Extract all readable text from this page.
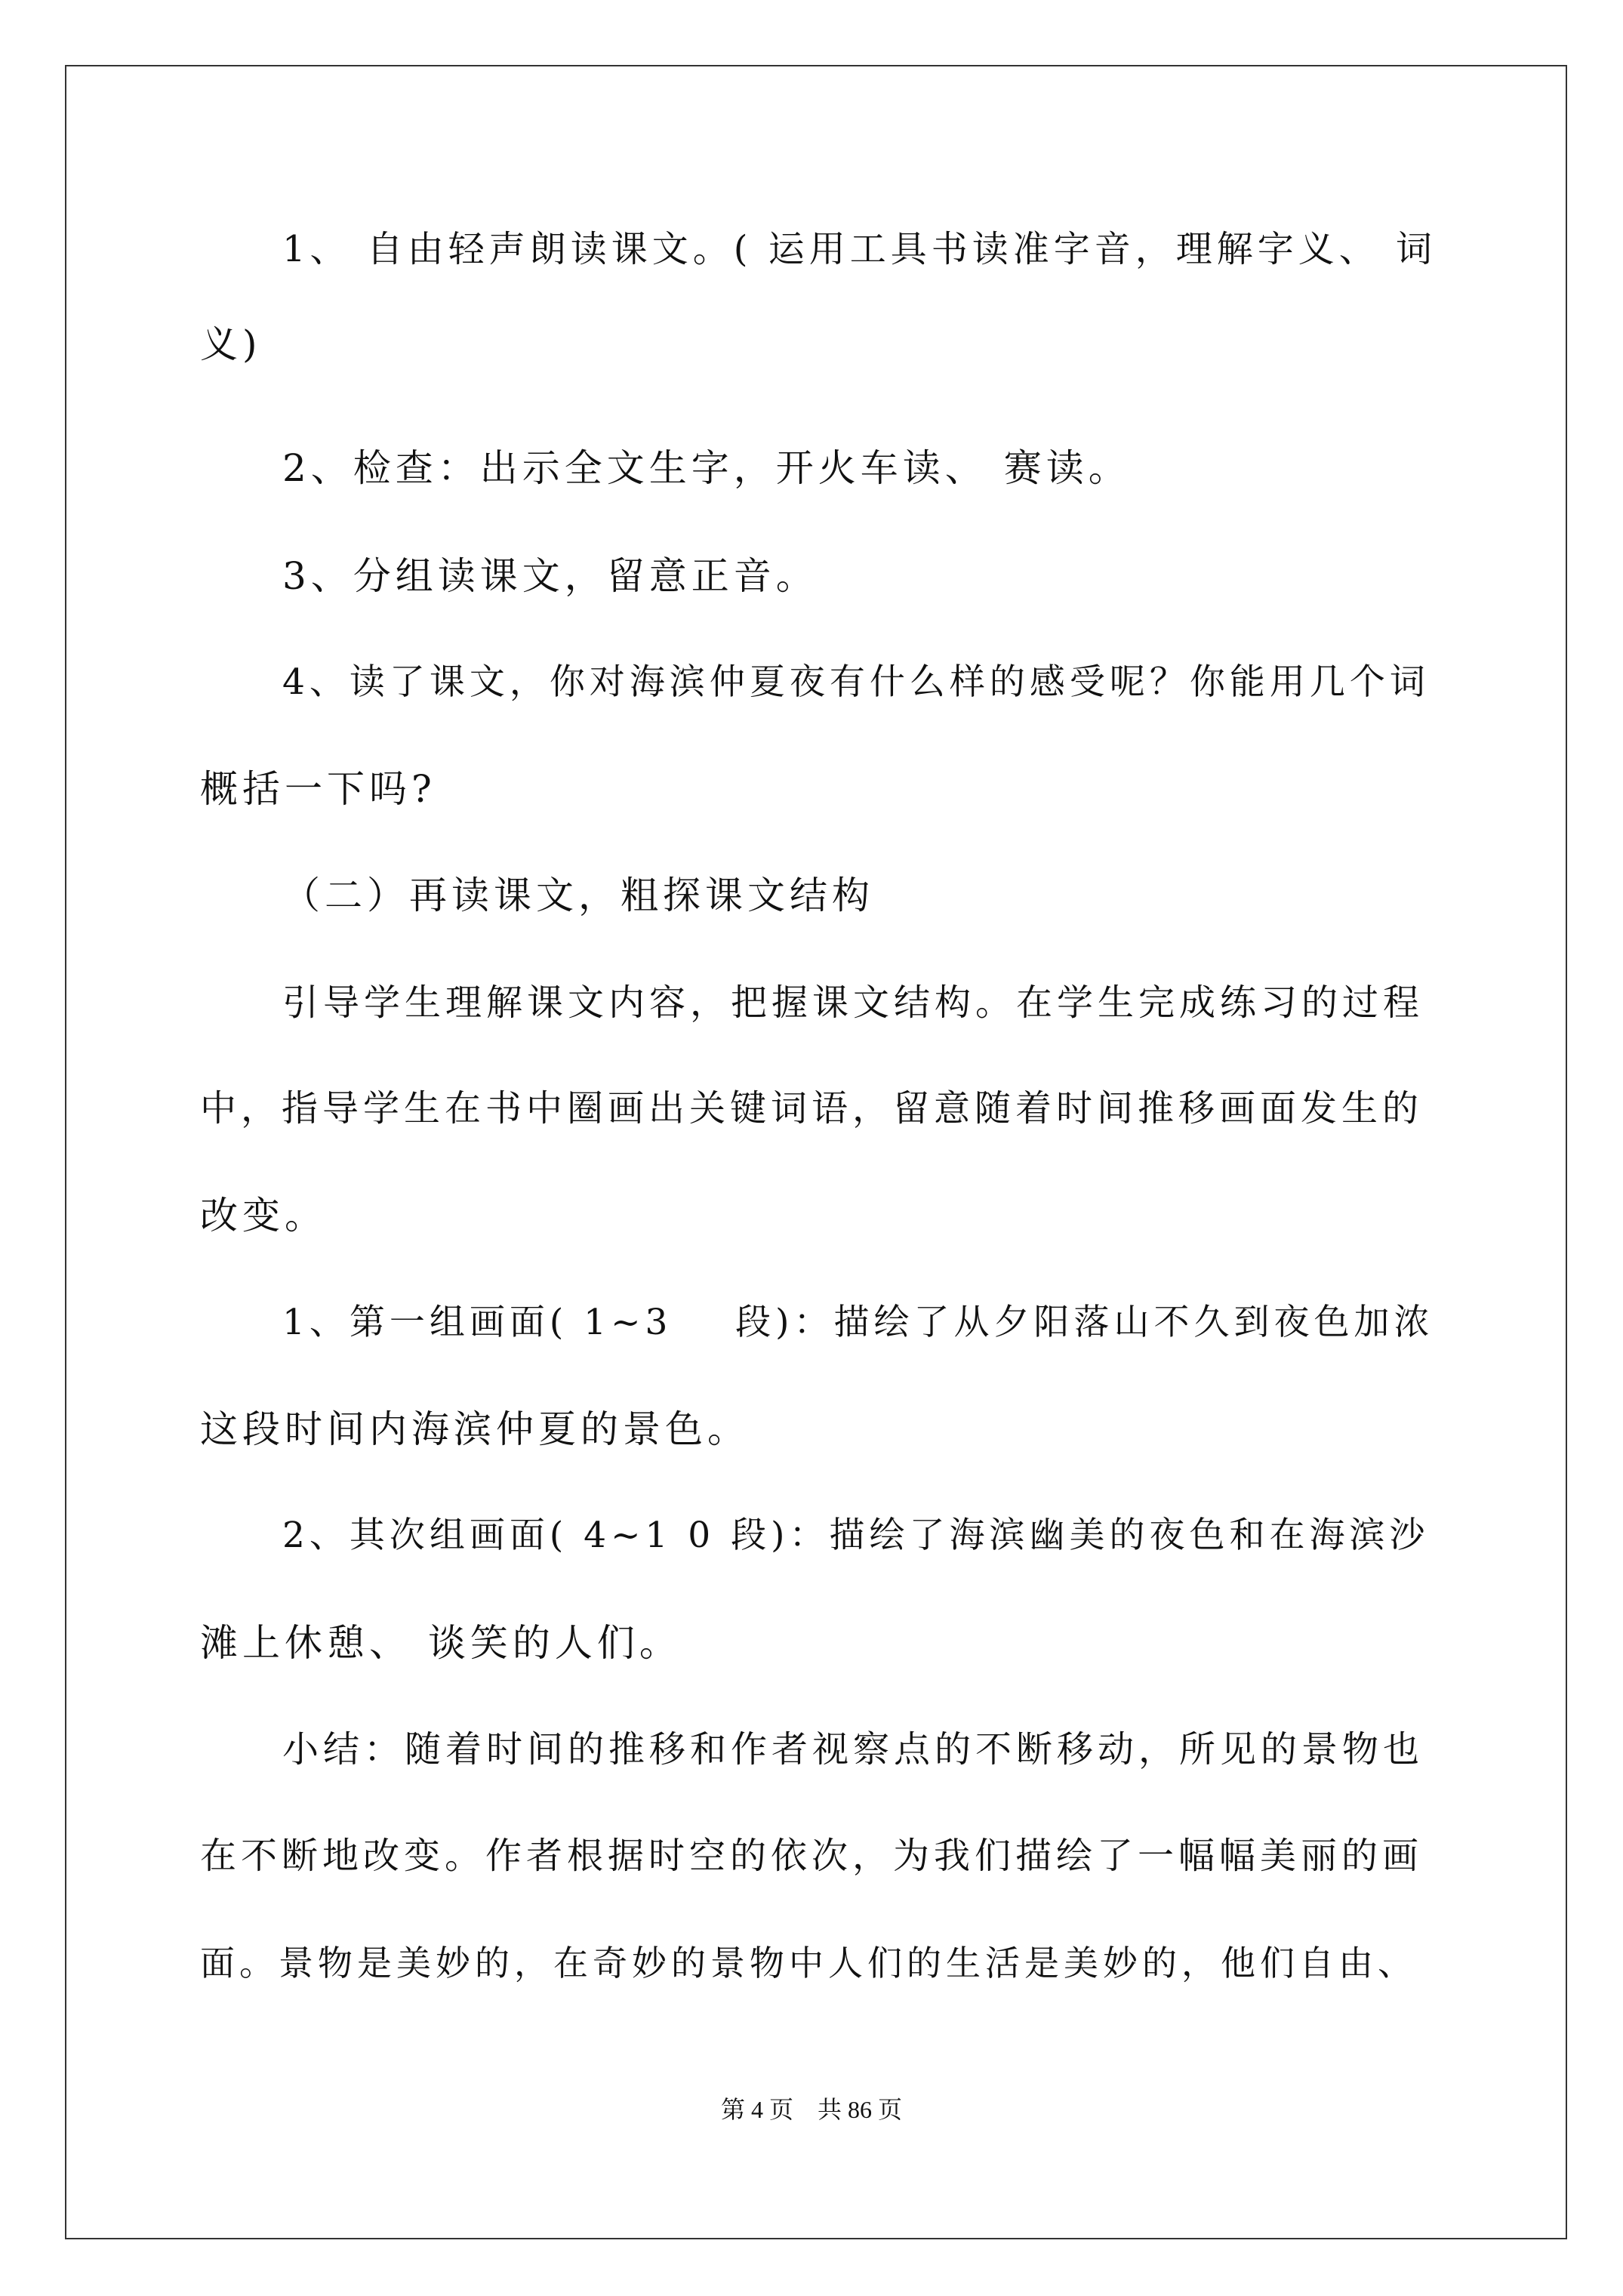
1、 自由轻声朗读课文。( 运用工具书读准字音，理解字义、 词
义)
2、检查：出示全文生字，开火车读、 赛读。
3、分组读课文，留意正音。
4、读了课文，你对海滨仲夏夜有什么样的感受呢？你能用几个词
概括一下吗?
（二）再读课文，粗探课文结构
引导学生理解课文内容，把握课文结构。在学生完成练习的过程
中，指导学生在书中圈画出关键词语，留意随着时间推移画面发生的
改变。
1、第一组画面( 1~3    段)：描绘了从夕阳落山不久到夜色加浓
这段时间内海滨仲夏的景色。
2、其次组画面( 4~1 0 段)：描绘了海滨幽美的夜色和在海滨沙
滩上休憩、 谈笑的人们。
小结：随着时间的推移和作者视察点的不断移动，所见的景物也
在不断地改变。作者根据时空的依次，为我们描绘了一幅幅美丽的画
面。景物是美妙的，在奇妙的景物中人们的生活是美妙的，他们自由、
第 4 页    共 86 页
